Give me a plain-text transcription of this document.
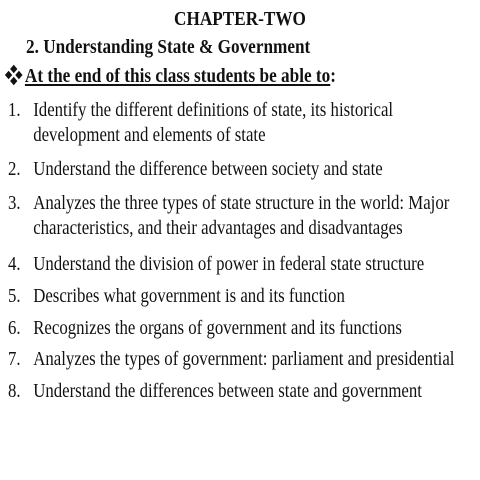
CHAPTER-TWO
2. Understanding State & Government
At the end of this class students be able to:
1. Identify the different definitions of state, its historical
development and elements of state
2. Understand the difference between society and state
3. Analyzes the three types of state structure in the world: Major
characteristics, and their advantages and disadvantages
4. Understand the division of power in federal state structure
5. Describes what government is and its function
6. Recognizes the organs of government and its functions
7. Analyzes the types of government: parliament and presidential
8. Understand the differences between state and government
